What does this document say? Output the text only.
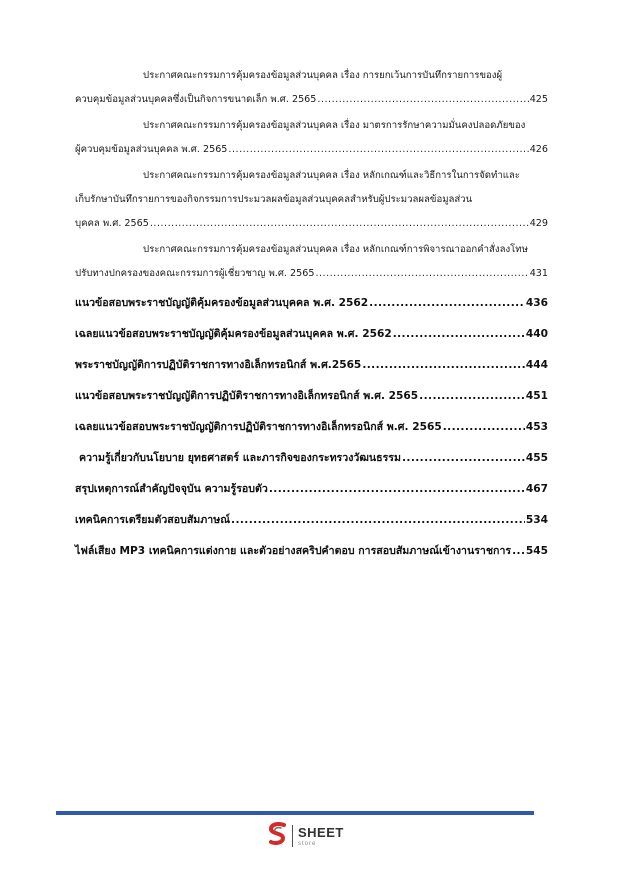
ประกาศคณะกรรมการคุ้มครองข้อมูลส่วนบุคคล เรื่อง การยกเว้นการบันทึกรายการของผู้
ควบคุมข้อมูลส่วนบุคคลซึ่งเป็นกิจการขนาดเล็ก พ.ศ. 2565 .....	425
ประกาศคณะกรรมการคุ้มครองข้อมูลส่วนบุคคล เรื่อง มาตรการรักษาความมั่นคงปลอดภัยของ
ผู้ควบคุมข้อมูลส่วนบุคคล พ.ศ. 2565 .....	426
ประกาศคณะกรรมการคุ้มครองข้อมูลส่วนบุคคล เรื่อง หลักเกณฑ์และวิธีการในการจัดทำและ
เก็บรักษาบันทึกรายการของกิจกรรมการประมวลผลข้อมูลส่วนบุคคลสำหรับผู้ประมวลผลข้อมูลส่วน
บุคคล พ.ศ. 2565 .....	429
ประกาศคณะกรรมการคุ้มครองข้อมูลส่วนบุคคล เรื่อง หลักเกณฑ์การพิจารณาออกคำสั่งลงโทษ
ปรับทางปกครองของคณะกรรมการผู้เชี่ยวชาญ พ.ศ. 2565 .....	431
แนวข้อสอบพระราชบัญญัติคุ้มครองข้อมูลส่วนบุคคล พ.ศ. 2562 .....	436
เฉลยแนวข้อสอบพระราชบัญญัติคุ้มครองข้อมูลส่วนบุคคล พ.ศ. 2562 .....	440
พระราชบัญญัติการปฏิบัติราชการทางอิเล็กทรอนิกส์ พ.ศ.2565 .....	444
แนวข้อสอบพระราชบัญญัติการปฏิบัติราชการทางอิเล็กทรอนิกส์ พ.ศ. 2565 .....	451
เฉลยแนวข้อสอบพระราชบัญญัติการปฏิบัติราชการทางอิเล็กทรอนิกส์ พ.ศ. 2565 .....	453
ความรู้เกี่ยวกับนโยบาย ยุทธศาสตร์ และภารกิจของกระทรวงวัฒนธรรม .....	455
สรุปเหตุการณ์สำคัญปัจจุบัน ความรู้รอบตัว .....	467
เทคนิคการเตรียมตัวสอบสัมภาษณ์ .....	534
ไฟล์เสียง MP3 เทคนิคการแต่งกาย และตัวอย่างสคริปคำตอบ การสอบสัมภาษณ์เข้างานราชการ ..... 545
SHEET
store
